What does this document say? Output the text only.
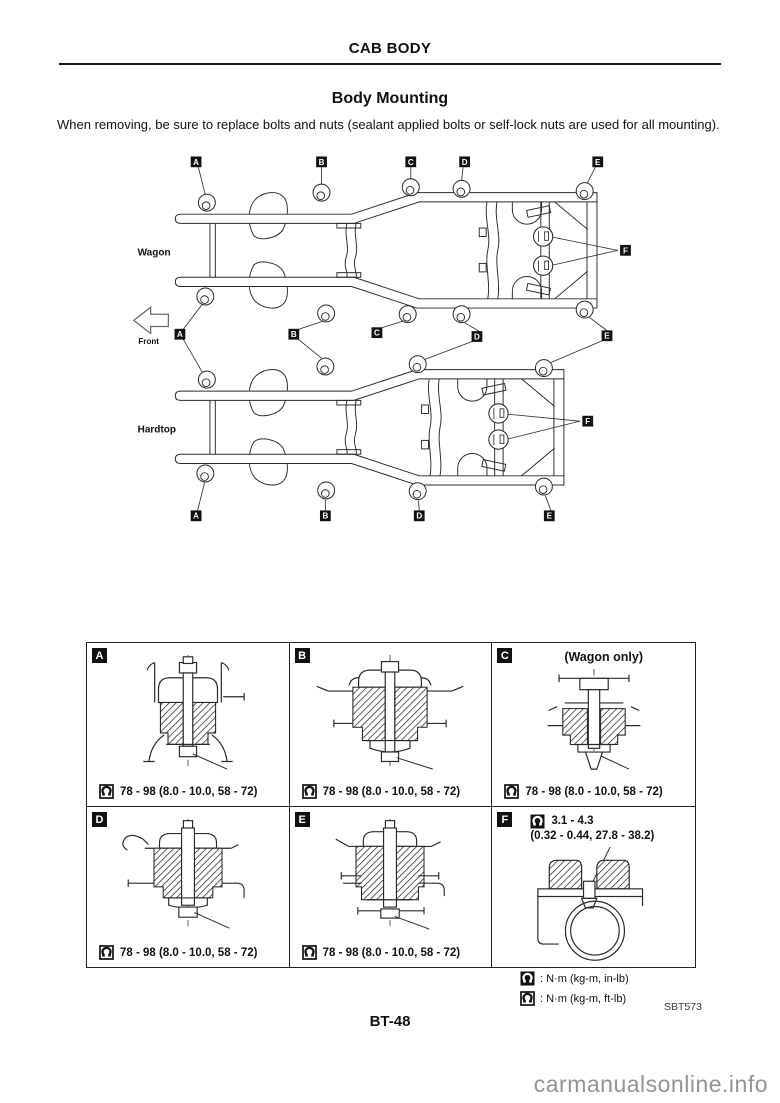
CAB BODY
Body Mounting
When removing, be sure to replace bolts and nuts (sealant applied bolts or self-lock nuts are used for all mounting).
Wagon
A	B	C	D	E
F
Front
A	B	C	D	E
Hardtop
F
A	B	D	E
A
78 - 98 (8.0 - 10.0, 58 - 72)
B
78 - 98 (8.0 - 10.0, 58 - 72)
C	(Wagon only)
78 - 98 (8.0 - 10.0, 58 - 72)
D
78 - 98 (8.0 - 10.0, 58 - 72)
E
78 - 98 (8.0 - 10.0, 58 - 72)
F	3.1 - 4.3
(0.32 - 0.44, 27.8 - 38.2)
: N·m (kg-m, in-lb)
: N·m (kg-m, ft-lb)
SBT573
BT-48
carmanualsonline.info
